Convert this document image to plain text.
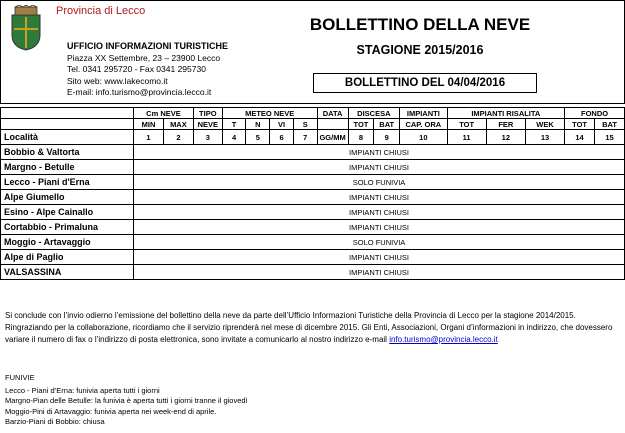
Provincia di Lecco
UFFICIO INFORMAZIONI TURISTICHE
Piazza XX Settembre, 23 – 23900 Lecco
Tel. 0341 295720 - Fax 0341 295730
Sito web: www.lakecomo.it
E-mail: info.turismo@provincia.lecco.it
BOLLETTINO DELLA NEVE
STAGIONE 2015/2016
BOLLETTINO DEL 04/04/2016
	Cm NEVE		TIPO	METEO NEVE				DATA	DISCESA		IMPIANTI	IMPIANTI RISALITA			FONDO	
	MIN	MAX	NEVE	T	N	VI	S		TOT	BAT	CAP. ORA	TOT	FER	WEK	TOT	BAT
Località	1	2	3	4	5	6	7	GG/MM	8	9	10	11	12	13	14	15
Bobbio & Valtorta	IMPIANTI CHIUSI															
Margno - Betulle	IMPIANTI CHIUSI															
Lecco - Piani d'Erna	SOLO FUNIVIA															
Alpe Giumello	IMPIANTI CHIUSI															
Esino - Alpe Cainallo	IMPIANTI CHIUSI															
Cortabbio - Primaluna	IMPIANTI CHIUSI															
Moggio - Artavaggio	SOLO FUNIVIA															
Alpe di Paglio	IMPIANTI CHIUSI															
VALSASSINA	IMPIANTI CHIUSI															
Si conclude con l’invio odierno l’emissione del bollettino della neve da parte dell’Ufficio Informazioni Turistiche della Provincia di Lecco per la stagione 2014/2015. Ringraziando per la collaborazione, ricordiamo che il servizio riprenderà nel mese di dicembre 2015. Gli Enti, Associazioni, Organi d’informazioni in indirizzo, che dovessero variare il numero di fax o l’indirizzo di posta elettronica, sono invitate a comunicarlo al nostro indirizzo e-mail info.turismo@provincia.lecco.it
FUNIVIE
Lecco - Piani d’Erna: funivia aperta tutti i giorni
Margno-Pian delle Betulle: la funivia è aperta tutti i giorni tranne il giovedì
Moggio-Pini di Artavaggio: funivia aperta nei week-end di aprile.
Barzio-Piani di Bobbio: chiusa
